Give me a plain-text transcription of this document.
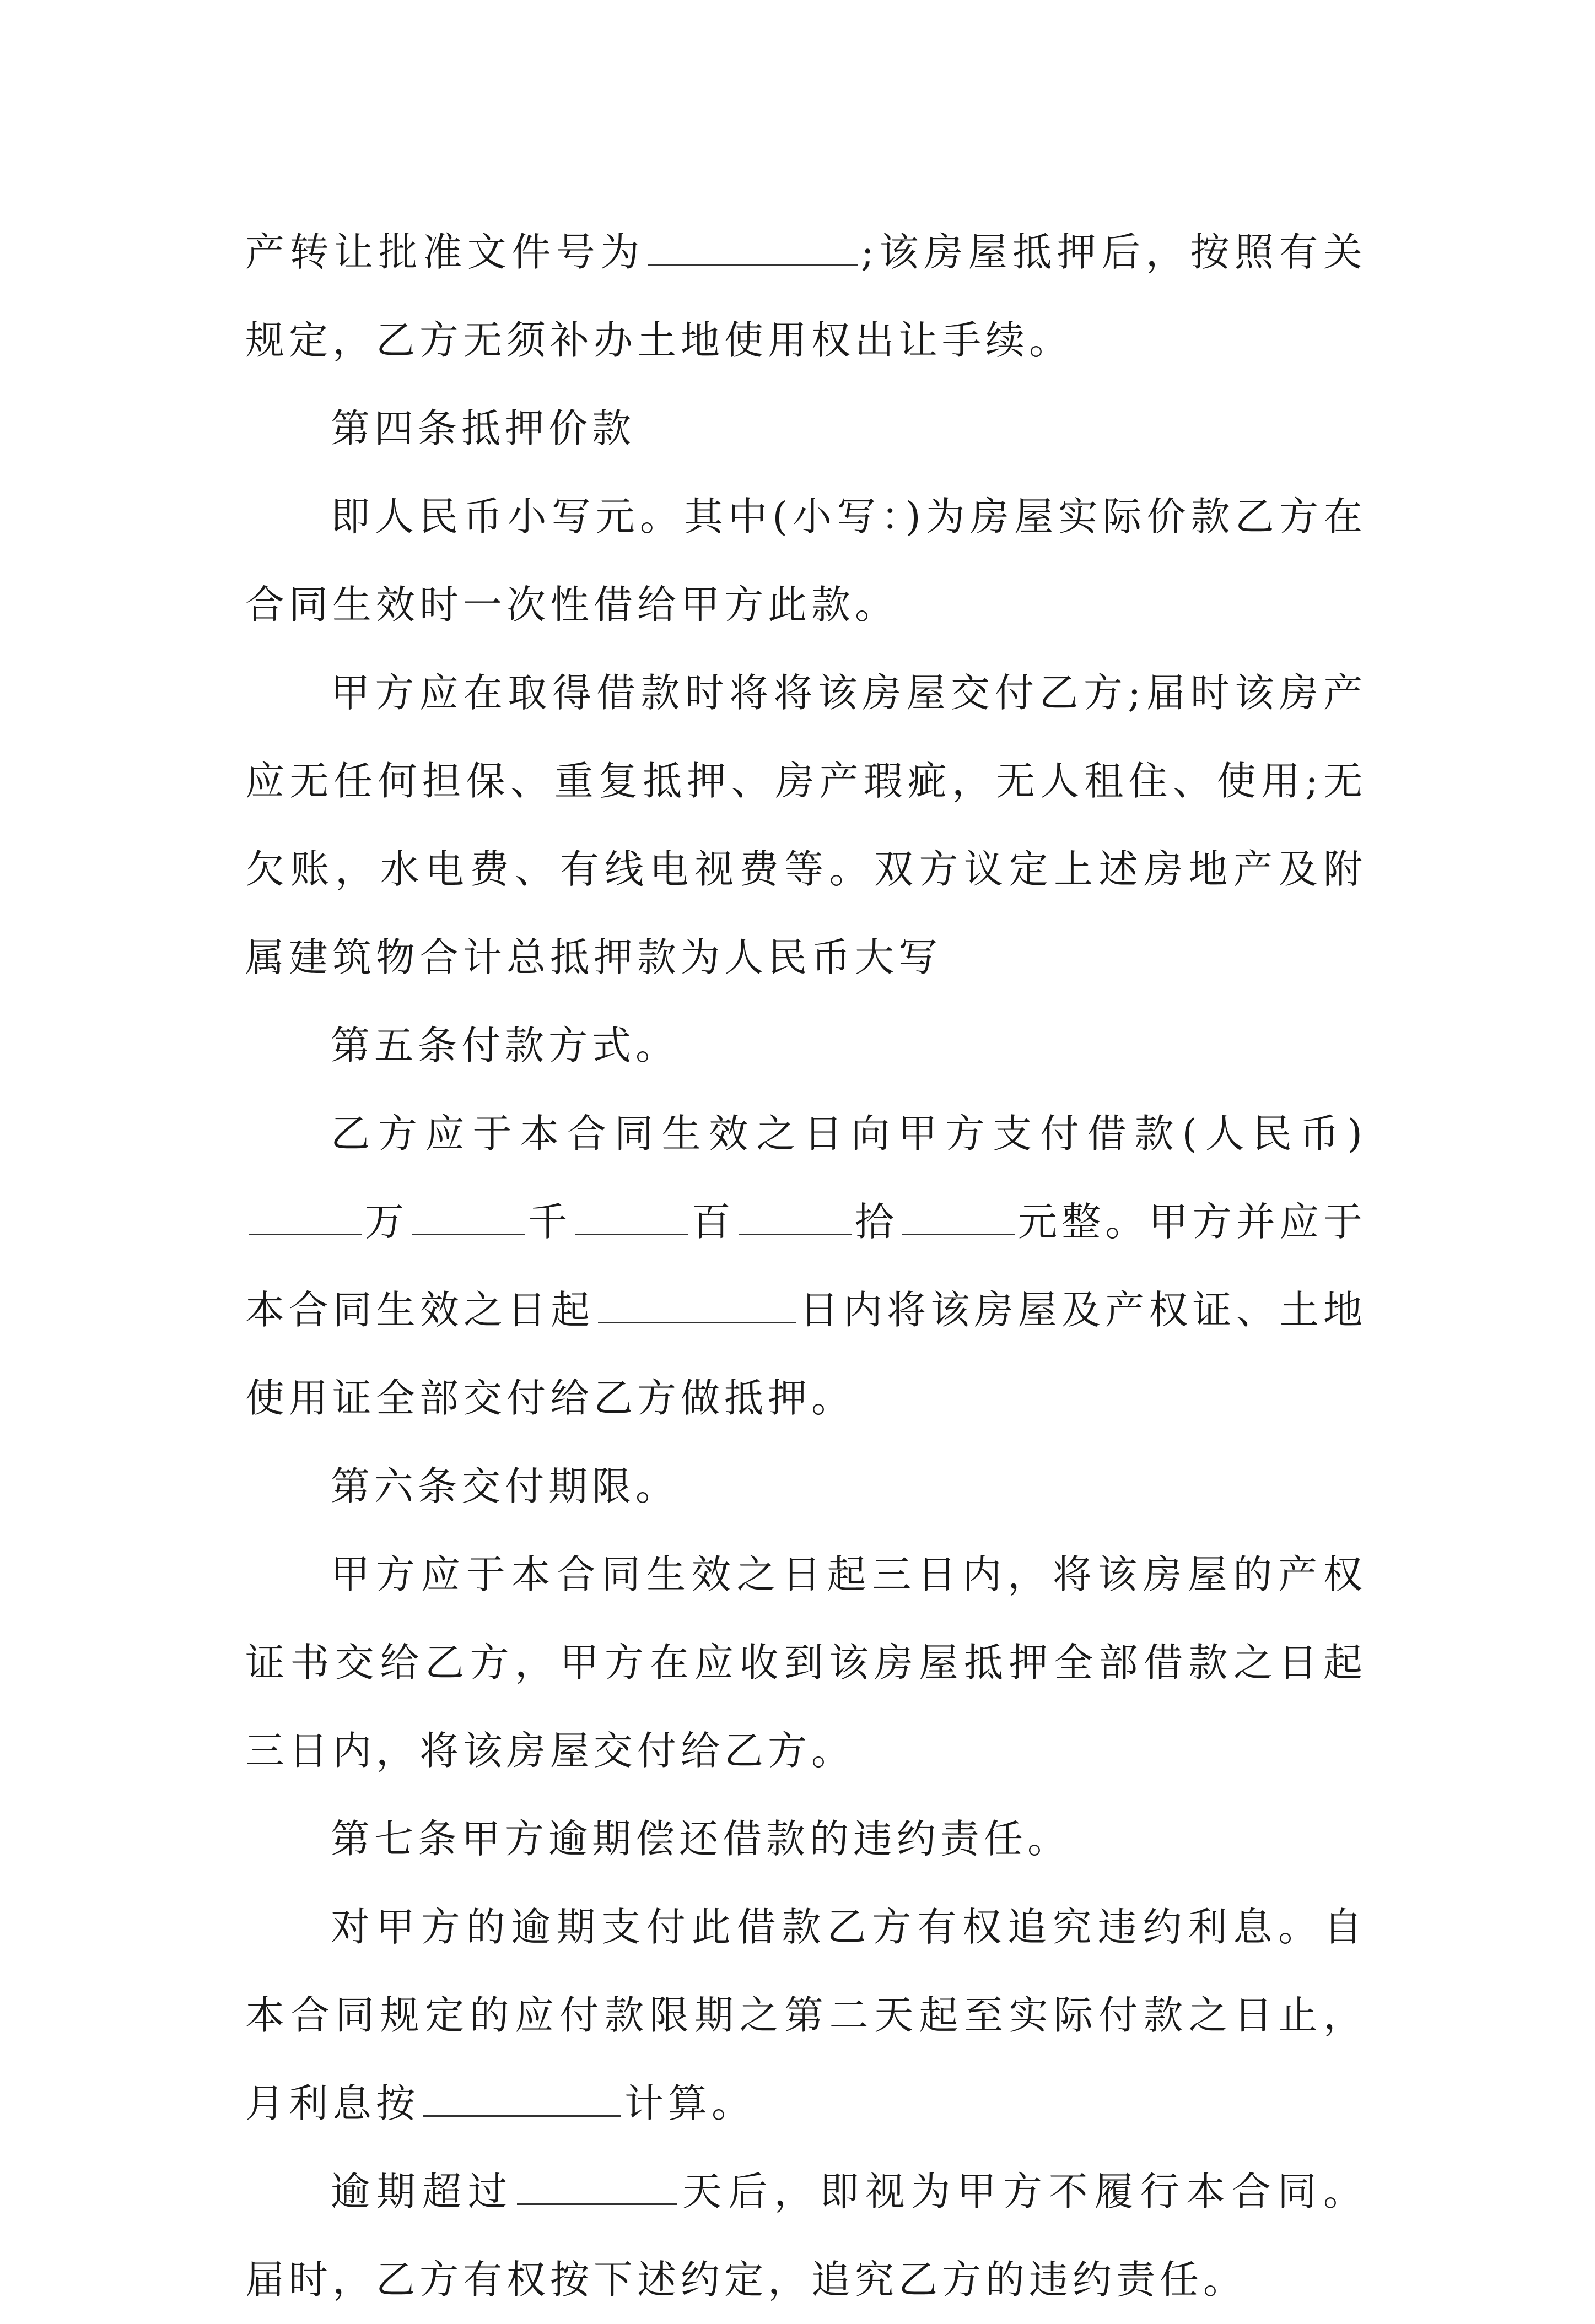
产转让批准文件号为	;该房屋抵押后，按照有关规定，乙方无须补办土地使用权出让手续。

第四条抵押价款

即人民币小写元。其中(小写：)为房屋实际价款乙方在合同生效时一次性借给甲方此款。

甲方应在取得借款时将将该房屋交付乙方;届时该房产应无任何担保、重复抵押、房产瑕疵，无人租住、使用;无欠账，水电费、有线电视费等。双方议定上述房地产及附属建筑物合计总抵押款为人民币大写

第五条付款方式。

乙方应于本合同生效之日向甲方支付借款(人民币)万	千	百	拾	元整。甲方并应于本合同生效之日起	日内将该房屋及产权证、土地使用证全部交付给乙方做抵押。

第六条交付期限。

甲方应于本合同生效之日起三日内，将该房屋的产权证书交给乙方，甲方在应收到该房屋抵押全部借款之日起三日内，将该房屋交付给乙方。

第七条甲方逾期偿还借款的违约责任。

对甲方的逾期支付此借款乙方有权追究违约利息。自本合同规定的应付款限期之第二天起至实际付款之日止，月利息按	计算。

逾期超过	天后，即视为甲方不履行本合同。届时，乙方有权按下述约定，追究乙方的违约责任。
